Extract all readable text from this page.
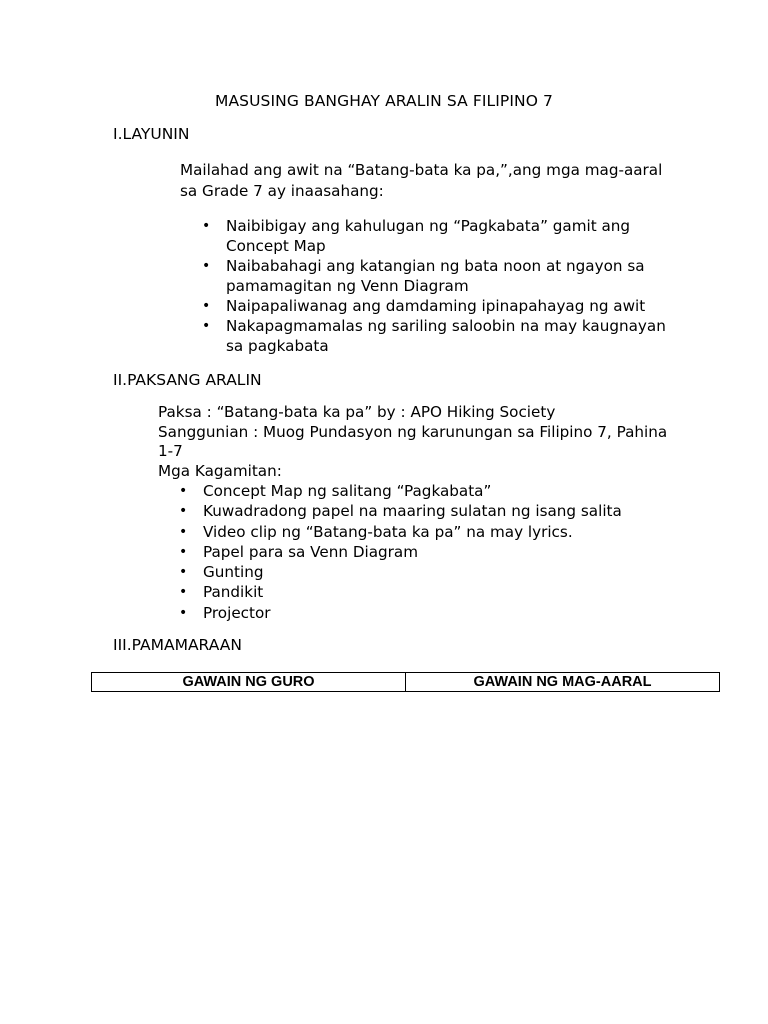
MASUSING BANGHAY ARALIN SA FILIPINO 7
I.LAYUNIN
Mailahad ang awit na “Batang-bata ka pa,”,ang mga mag-aaral
sa Grade 7 ay inaasahang:
• Naibibigay ang kahulugan ng “Pagkabata” gamit ang
Concept Map
• Naibabahagi ang katangian ng bata noon at ngayon sa
pamamagitan ng Venn Diagram
• Naipapaliwanag ang damdaming ipinapahayag ng awit
• Nakapagmamalas ng sariling saloobin na may kaugnayan
sa pagkabata
II.PAKSANG ARALIN
Paksa : “Batang-bata ka pa” by : APO Hiking Society
Sanggunian : Muog Pundasyon ng karunungan sa Filipino 7, Pahina
1-7
Mga Kagamitan:
• Concept Map ng salitang “Pagkabata”
• Kuwadradong papel na maaring sulatan ng isang salita
• Video clip ng “Batang-bata ka pa” na may lyrics.
• Papel para sa Venn Diagram
• Gunting
• Pandikit
• Projector
III.PAMAMARAAN
GAWAIN NG GURO	GAWAIN NG MAG-AARAL
